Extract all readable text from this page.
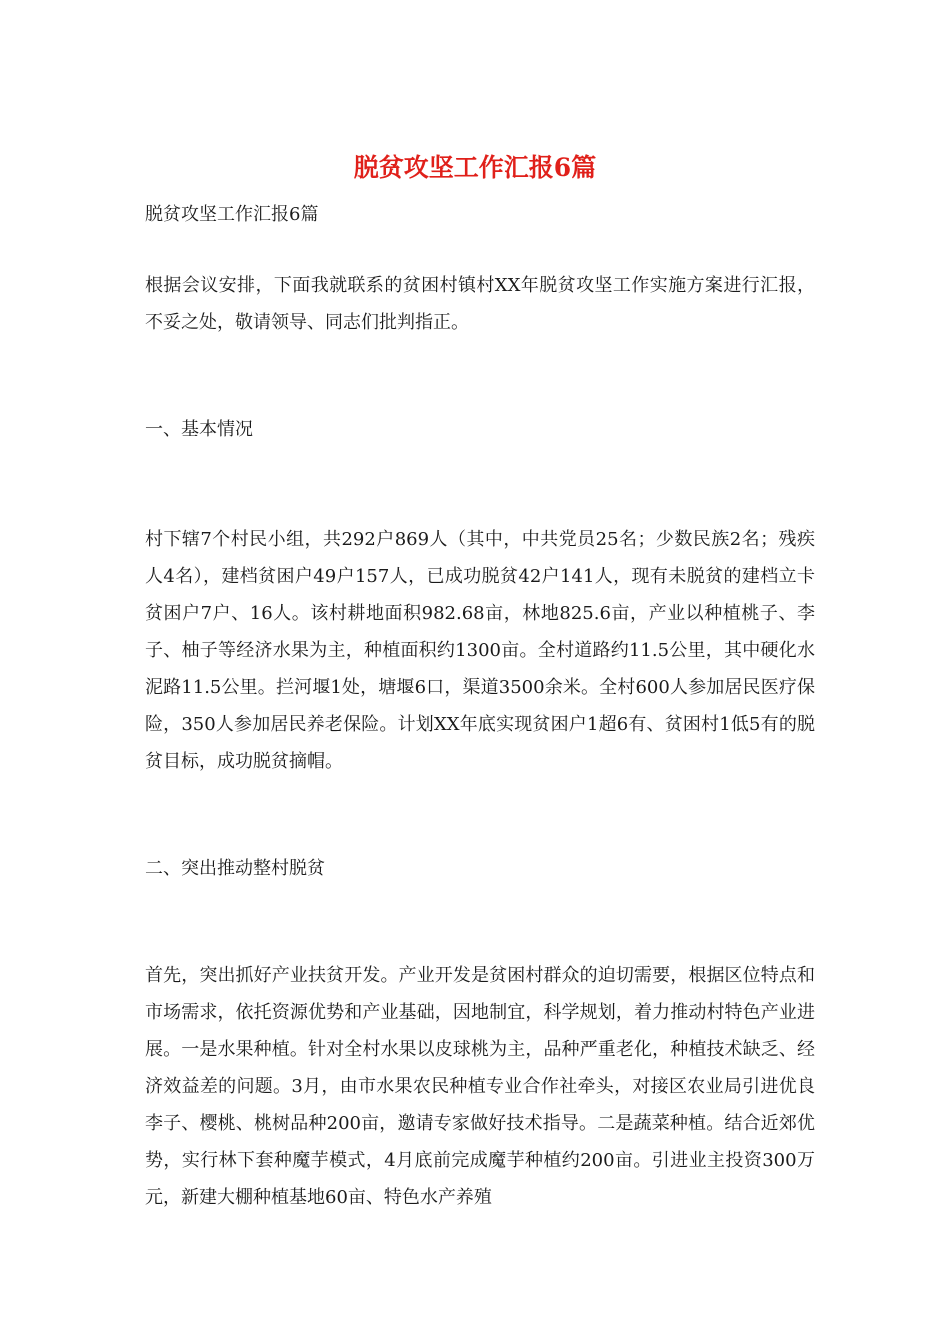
脱贫攻坚工作汇报6篇

脱贫攻坚工作汇报6篇

根据会议安排，下面我就联系的贫困村镇村XX年脱贫攻坚工作实施方案进行汇报，不妥之处，敬请领导、同志们批判指正。

一、基本情况

村下辖7个村民小组，共292户869人（其中，中共党员25名；少数民族2名；残疾人4名），建档贫困户49户157人，已成功脱贫42户141人，现有未脱贫的建档立卡贫困户7户、16人。该村耕地面积982.68亩，林地825.6亩，产业以种植桃子、李子、柚子等经济水果为主，种植面积约1300亩。全村道路约11.5公里，其中硬化水泥路11.5公里。拦河堰1处，塘堰6口，渠道3500余米。全村600人参加居民医疗保险，350人参加居民养老保险。计划XX年底实现贫困户1超6有、贫困村1低5有的脱贫目标，成功脱贫摘帽。

二、突出推动整村脱贫

首先，突出抓好产业扶贫开发。产业开发是贫困村群众的迫切需要，根据区位特点和市场需求，依托资源优势和产业基础，因地制宜，科学规划，着力推动村特色产业进展。一是水果种植。针对全村水果以皮球桃为主，品种严重老化，种植技术缺乏、经济效益差的问题。3月，由市水果农民种植专业合作社牵头，对接区农业局引进优良李子、樱桃、桃树品种200亩，邀请专家做好技术指导。二是蔬菜种植。结合近郊优势，实行林下套种魔芋模式，4月底前完成魔芋种植约200亩。引进业主投资300万元，新建大棚种植基地60亩、特色水产养殖
